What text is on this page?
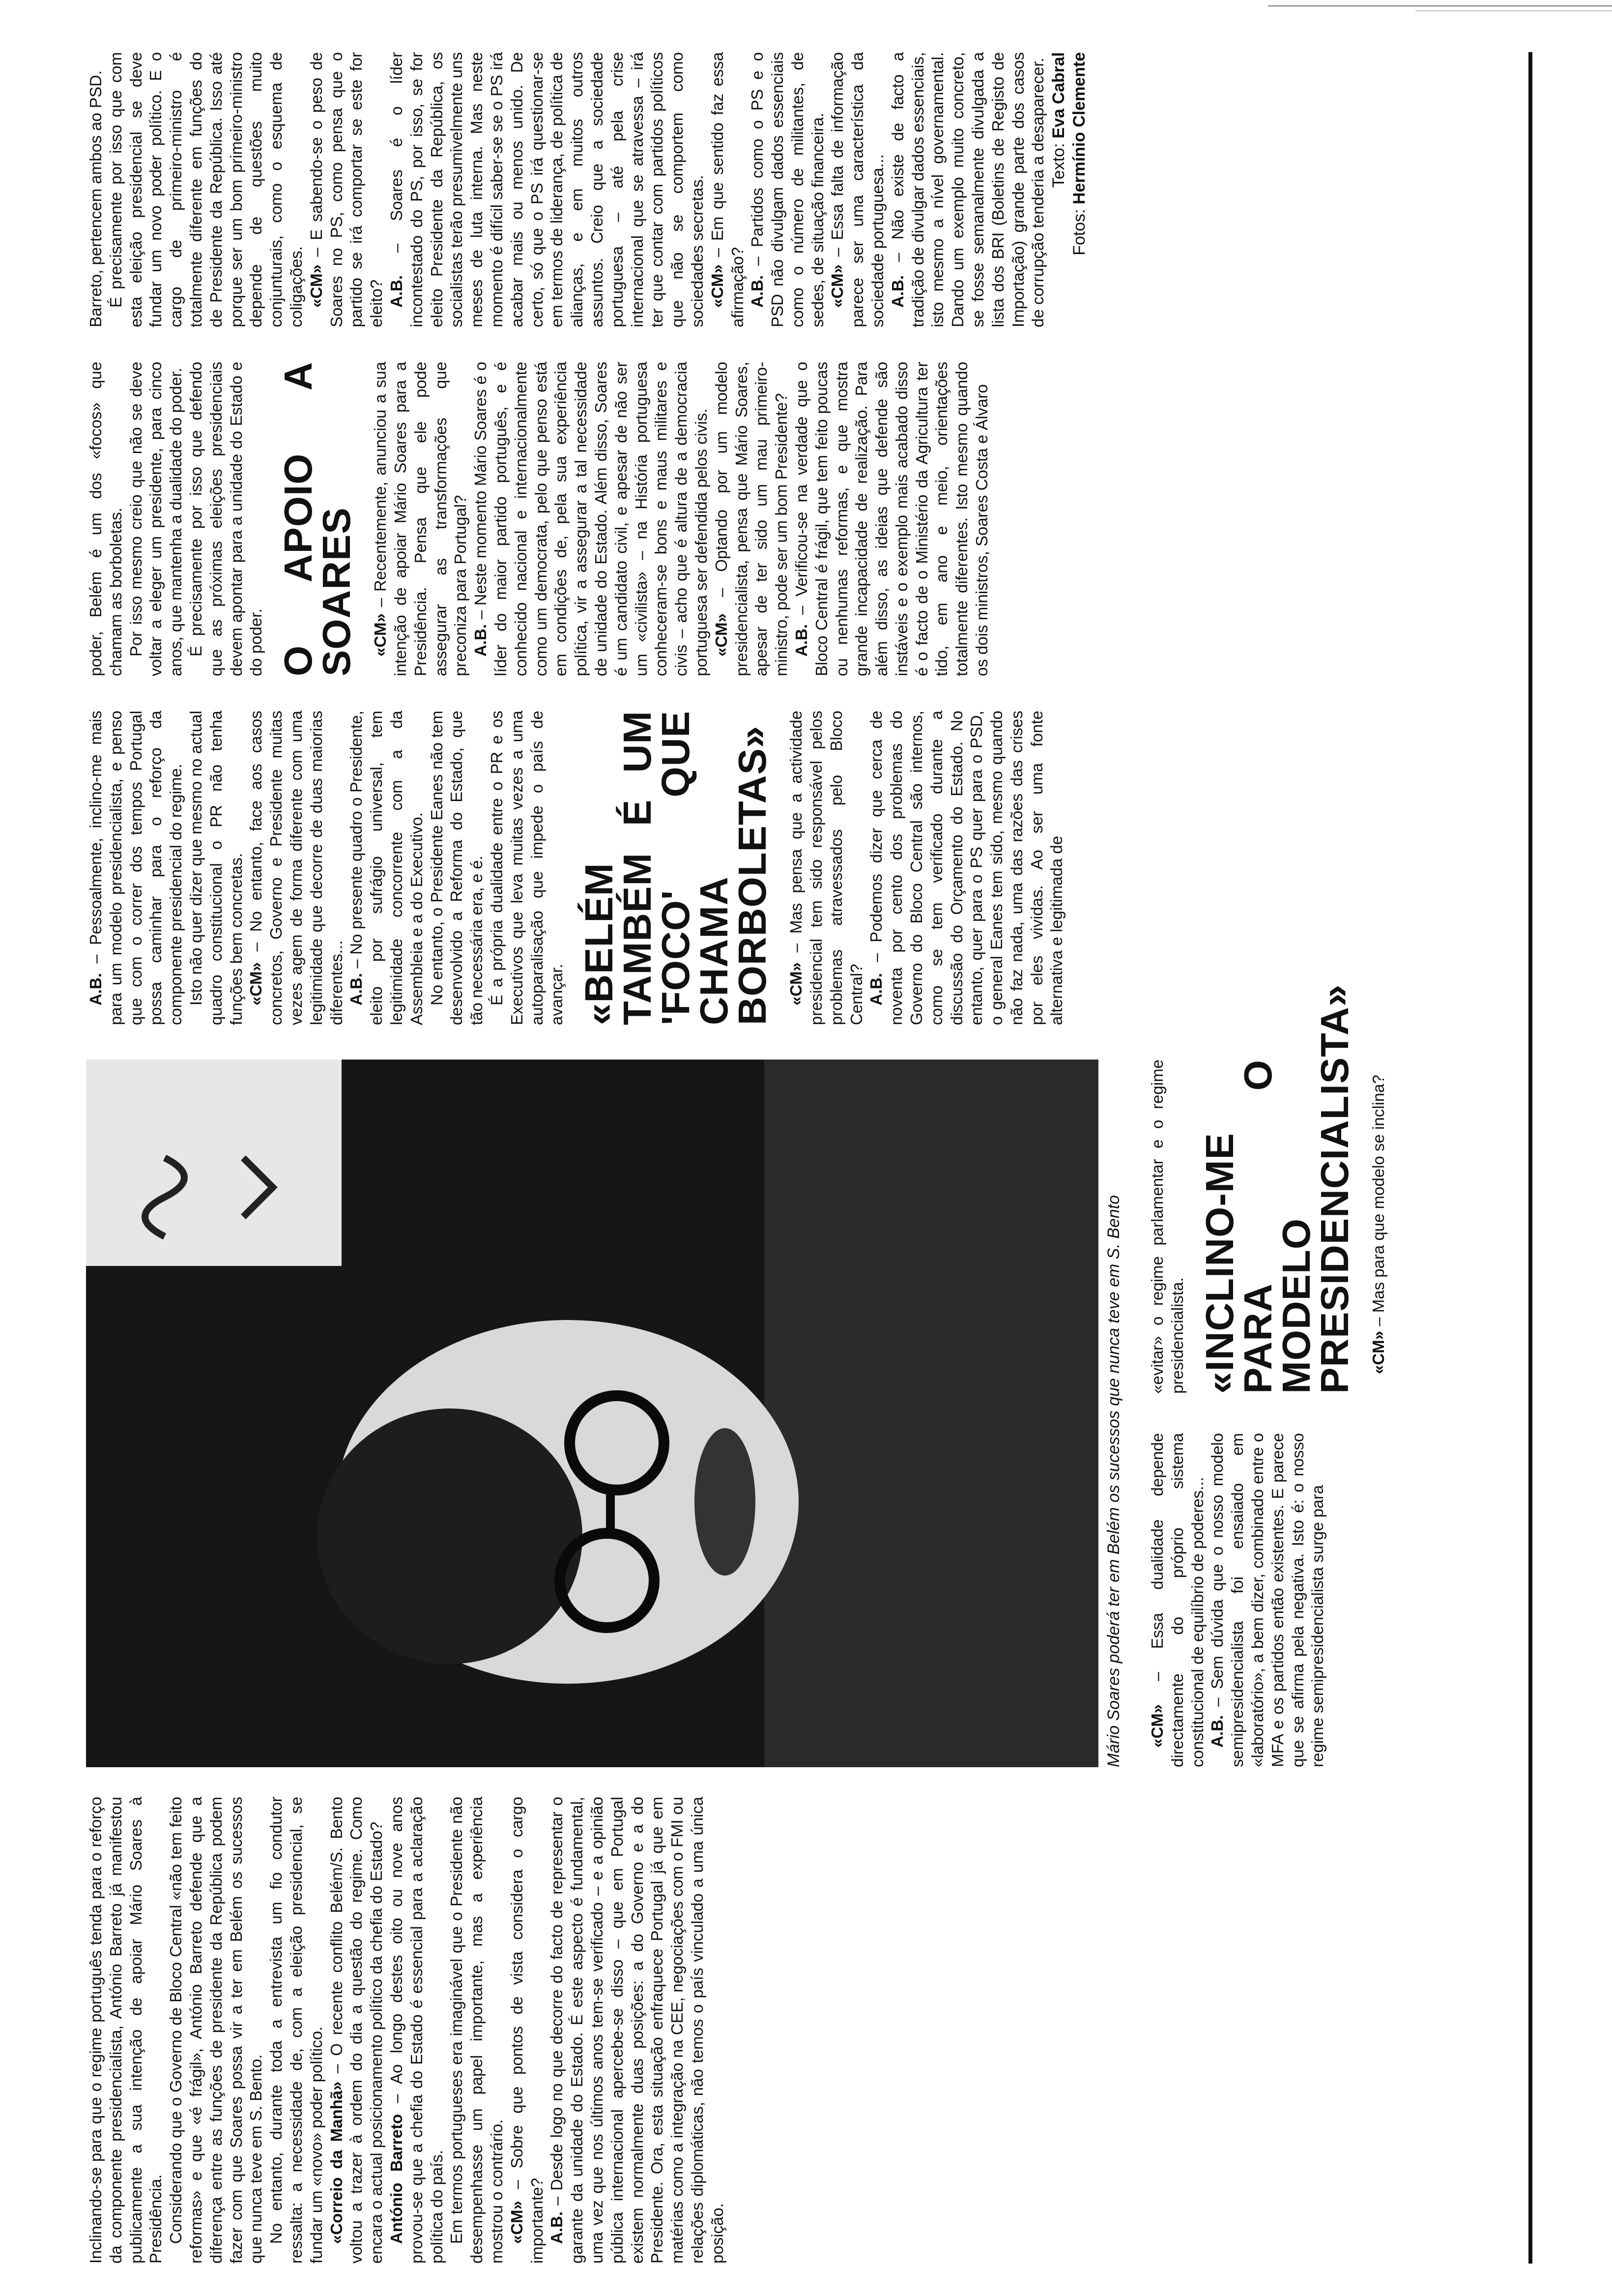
Inclinando-se para que o regime português tenda para o reforço da componente presidencialista, António Barreto já manifestou publicamente a sua intenção de apoiar Mário Soares à Presidência. Considerando que o Governo de Bloco Central «não tem feito reformas» e que «é frágil», António Barreto defende que a diferença entre as funções de presidente da República podem fazer com que Soares possa vir a ter em Belém os sucessos que nunca teve em S. Bento. No entanto, durante toda a entrevista um fio condutor ressalta: a necessidade de, com a eleição presidencial, se fundar um «novo» poder político. «Correio da Manhã» – O recente conflito Belém/S. Bento voltou a trazer à ordem do dia a questão do regime. Como encara o actual posicionamento político da chefia do Estado? António Barreto – Ao longo destes oito ou nove anos provou-se que a chefia do Estado é essencial para a aclaração política do país. Em termos portugueses era imaginável que o Presidente não desempenhasse um papel importante, mas a experiência mostrou o contrário. «CM» – Sobre que pontos de vista considera o cargo importante? A.B. – Desde logo no que decorre do facto de representar o garante da unidade do Estado. É este aspecto é fundamental, uma vez que nos últimos anos tem-se verificado – e a opinião pública internacional apercebe-se disso – que em Portugal existem normalmente duas posições: a do Governo e a do Presidente. Ora, esta situação enfraquece Portugal já que em matérias como a integração na CEE, negociações com o FMI ou relações diplomáticas, não temos o país vinculado a uma única posição.

Mário Soares poderá ter em Belém os sucessos que nunca teve em S. Bento «CM» – Essa dualidade depende directamente do próprio sistema constitucional de equilíbrio de poderes... A.B. – Sem dúvida que o nosso modelo semipresidencialista foi ensaiado em «laboratório», a bem dizer, combinado entre o MFA e os partidos então existentes. E parece que se afirma pela negativa. Isto é: o nosso regime semipresidencialista surge para

«evitar» o regime parlamentar e o regime presidencialista. «INCLINO-ME PARA O MODELO PRESIDENCIALISTA» «CM» – Mas para que modelo se inclina?

A.B. – Pessoalmente, inclino-me mais para um modelo presidencialista, e penso que com o correr dos tempos Portugal possa caminhar para o reforço da componente presidencial do regime. Isto não quer dizer que mesmo no actual quadro constitucional o PR não tenha funções bem concretas. «CM» – No entanto, face aos casos concretos, Governo e Presidente muitas vezes agem de forma diferente com uma legitimidade que decorre de duas maiorias diferentes... A.B. – No presente quadro o Presidente, eleito por sufrágio universal, tem legitimidade concorrente com a da Assembleia e a do Executivo. No entanto, o Presidente Eanes não tem desenvolvido a Reforma do Estado, que tão necessária era, e é. É a própria dualidade entre o PR e os Executivos que leva muitas vezes a uma autoparalisação que impede o país de avançar. «BELÉM TAMBÉM É UM 'FOCO' QUE CHAMA BORBOLETAS» «CM» – Mas pensa que a actividade presidencial tem sido responsável pelos problemas atravessados pelo Bloco Central? A.B. – Podemos dizer que cerca de noventa por cento dos problemas do Governo do Bloco Central são internos, como se tem verificado durante a discussão do Orçamento do Estado. No entanto, quer para o PS quer para o PSD, o general Eanes tem sido, mesmo quando não faz nada, uma das razões das crises por eles vividas. Ao ser uma fonte alternativa e legitimada de

poder, Belém é um dos «focos» que chamam as borboletas. Por isso mesmo creio que não se deve voltar a eleger um presidente, para cinco anos, que mantenha a dualidade do poder. É precisamente por isso que defendo que as próximas eleições presidenciais devem apontar para a unidade do Estado e do poder. O APOIO A SOARES «CM» – Recentemente, anunciou a sua intenção de apoiar Mário Soares para a Presidência. Pensa que ele pode assegurar as transformações que preconiza para Portugal? A.B. – Neste momento Mário Soares é o líder do maior partido português, e é conhecido nacional e internacionalmente como um democrata, pelo que penso está em condições de, pela sua experiência política, vir a assegurar a tal necessidade de unidade do Estado. Além disso, Soares é um candidato civil, e apesar de não ser um «civilista» – na História portuguesa conheceram-se bons e maus militares e civis – acho que é altura de a democracia portuguesa ser defendida pelos civis. «CM» – Optando por um modelo presidencialista, pensa que Mário Soares, apesar de ter sido um mau primeiro-ministro, pode ser um bom Presidente? A.B. – Verificou-se na verdade que o Bloco Central é frágil, que tem feito poucas ou nenhumas reformas, e que mostra grande incapacidade de realização. Para além disso, as ideias que defende são instáveis e o exemplo mais acabado disso é o facto de o Ministério da Agricultura ter tido, em ano e meio, orientações totalmente diferentes. Isto mesmo quando os dois ministros, Soares Costa e Álvaro

Barreto, pertencem ambos ao PSD. É precisamente por isso que com esta eleição presidencial se deve fundar um novo poder político. E o cargo de primeiro-ministro é totalmente diferente em funções do de Presidente da República. Isso até porque ser um bom primeiro-ministro depende de questões muito conjunturais, como o esquema de coligações. «CM» – E sabendo-se o peso de Soares no PS, como pensa que o partido se irá comportar se este for eleito? A.B. – Soares é o líder incontestado do PS, por isso, se for eleito Presidente da República, os socialistas terão presumivelmente uns meses de luta interna. Mas neste momento é difícil saber-se se o PS irá acabar mais ou menos unido. De certo, só que o PS irá questionar-se em termos de liderança, de política de alianças, e em muitos outros assuntos. Creio que a sociedade portuguesa – até pela crise internacional que se atravessa – irá ter que contar com partidos políticos que não se comportem como sociedades secretas. «CM» – Em que sentido faz essa afirmação? A.B. – Partidos como o PS e o PSD não divulgam dados essenciais como o número de militantes, de sedes, de situação financeira. «CM» – Essa falta de informação parece ser uma característica da sociedade portuguesa... A.B. – Não existe de facto a tradição de divulgar dados essenciais, isto mesmo a nível governamental. Dando um exemplo muito concreto, se fosse semanalmente divulgada a lista dos BRI (Boletins de Registo de Importação) grande parte dos casos de corrupção tenderia a desaparecer. Texto: Eva Cabral

Fotos: Hermínio Clemente
